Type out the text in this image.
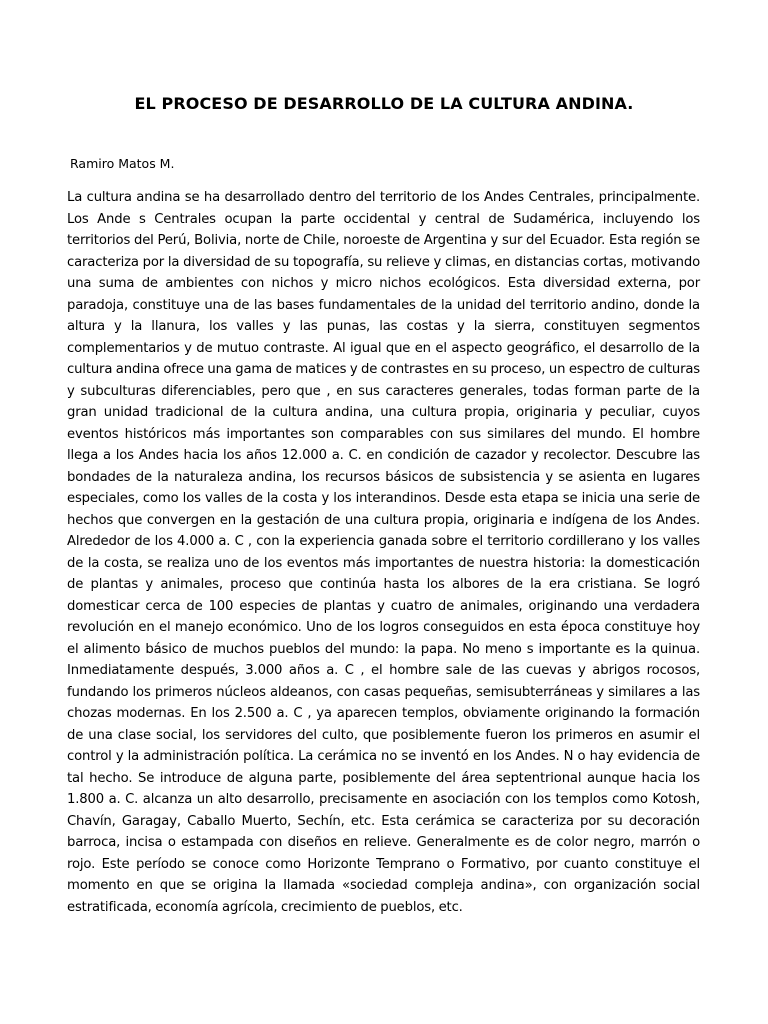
EL PROCESO DE DESARROLLO DE LA CULTURA ANDINA.

Ramiro Matos M.

La cultura andina se ha desarrollado dentro del territorio de los Andes Centrales, principalmente. Los Ande s Centrales ocupan la parte occidental y central de Sudamérica, incluyendo los territorios del Perú, Bolivia, norte de Chile, noroeste de Argentina y sur del Ecuador. Esta región se caracteriza por la diversidad de su topografía, su relieve y climas, en distancias cortas, motivando una suma de ambientes con nichos y micro nichos ecológicos. Esta diversidad externa, por paradoja, constituye una de las bases fundamentales de la unidad del territorio andino, donde la altura y la llanura, los valles y las punas, las costas y la sierra, constituyen segmentos complementarios y de mutuo contraste. Al igual que en el aspecto geográfico, el desarrollo de la cultura andina ofrece una gama de matices y de contrastes en su proceso, un espectro de culturas y subculturas diferenciables, pero que , en sus caracteres generales, todas forman parte de la gran unidad tradicional de la cultura andina, una cultura propia, originaria y peculiar, cuyos eventos históricos más importantes son comparables con sus similares del mundo. El hombre llega a los Andes hacia los años 12.000 a. C. en condición de cazador y recolector. Descubre las bondades de la naturaleza andina, los recursos básicos de subsistencia y se asienta en lugares especiales, como los valles de la costa y los interandinos. Desde esta etapa se inicia una serie de hechos que convergen en la gestación de una cultura propia, originaria e indígena de los Andes. Alrededor de los 4.000 a. C , con la experiencia ganada sobre el territorio cordillerano y los valles de la costa, se realiza uno de los eventos más importantes de nuestra historia: la domesticación de plantas y animales, proceso que continúa hasta los albores de la era cristiana. Se logró domesticar cerca de 100 especies de plantas y cuatro de animales, originando una verdadera revolución en el manejo económico. Uno de los logros conseguidos en esta época constituye hoy el alimento básico de muchos pueblos del mundo: la papa. No meno s importante es la quinua. Inmediatamente después, 3.000 años a. C , el hombre sale de las cuevas y abrigos rocosos, fundando los primeros núcleos aldeanos, con casas pequeñas, semisubterráneas y similares a las chozas modernas. En los 2.500 a. C , ya aparecen templos, obviamente originando la formación de una clase social, los servidores del culto, que posiblemente fueron los primeros en asumir el control y la administración política. La cerámica no se inventó en los Andes. N o hay evidencia de tal hecho. Se introduce de alguna parte, posiblemente del área septentrional aunque hacia los 1.800 a. C. alcanza un alto desarrollo, precisamente en asociación con los templos como Kotosh, Chavín, Garagay, Caballo Muerto, Sechín, etc. Esta cerámica se caracteriza por su decoración barroca, incisa o estampada con diseños en relieve. Generalmente es de color negro, marrón o rojo. Este período se conoce como Horizonte Temprano o Formativo, por cuanto constituye el momento en que se origina la llamada «sociedad compleja andina», con organización social estratificada, economía agrícola, crecimiento de pueblos, etc.
